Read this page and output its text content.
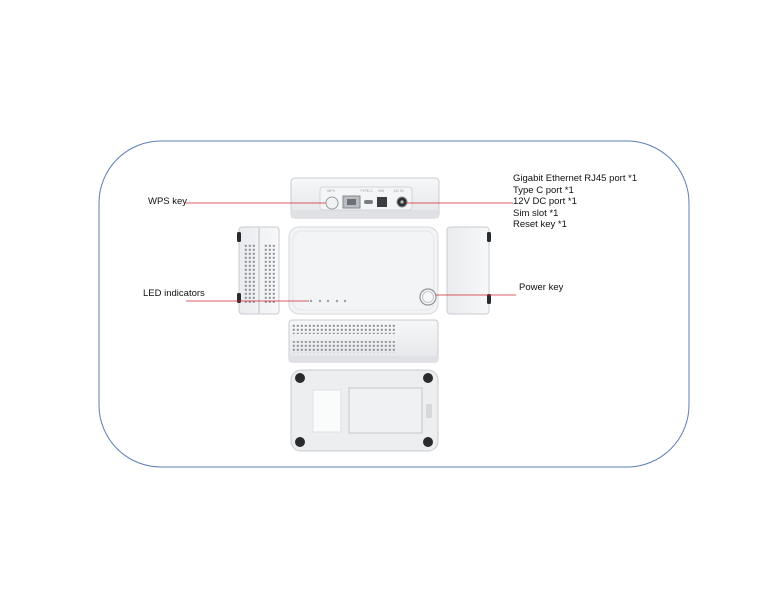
WPS	TYPE-C SIM	DC IN
WPS key
LED indicators
Power key
Gigabit Ethernet RJ45 port *1
Type C port *1
12V DC port *1
Sim slot *1
Reset key *1
